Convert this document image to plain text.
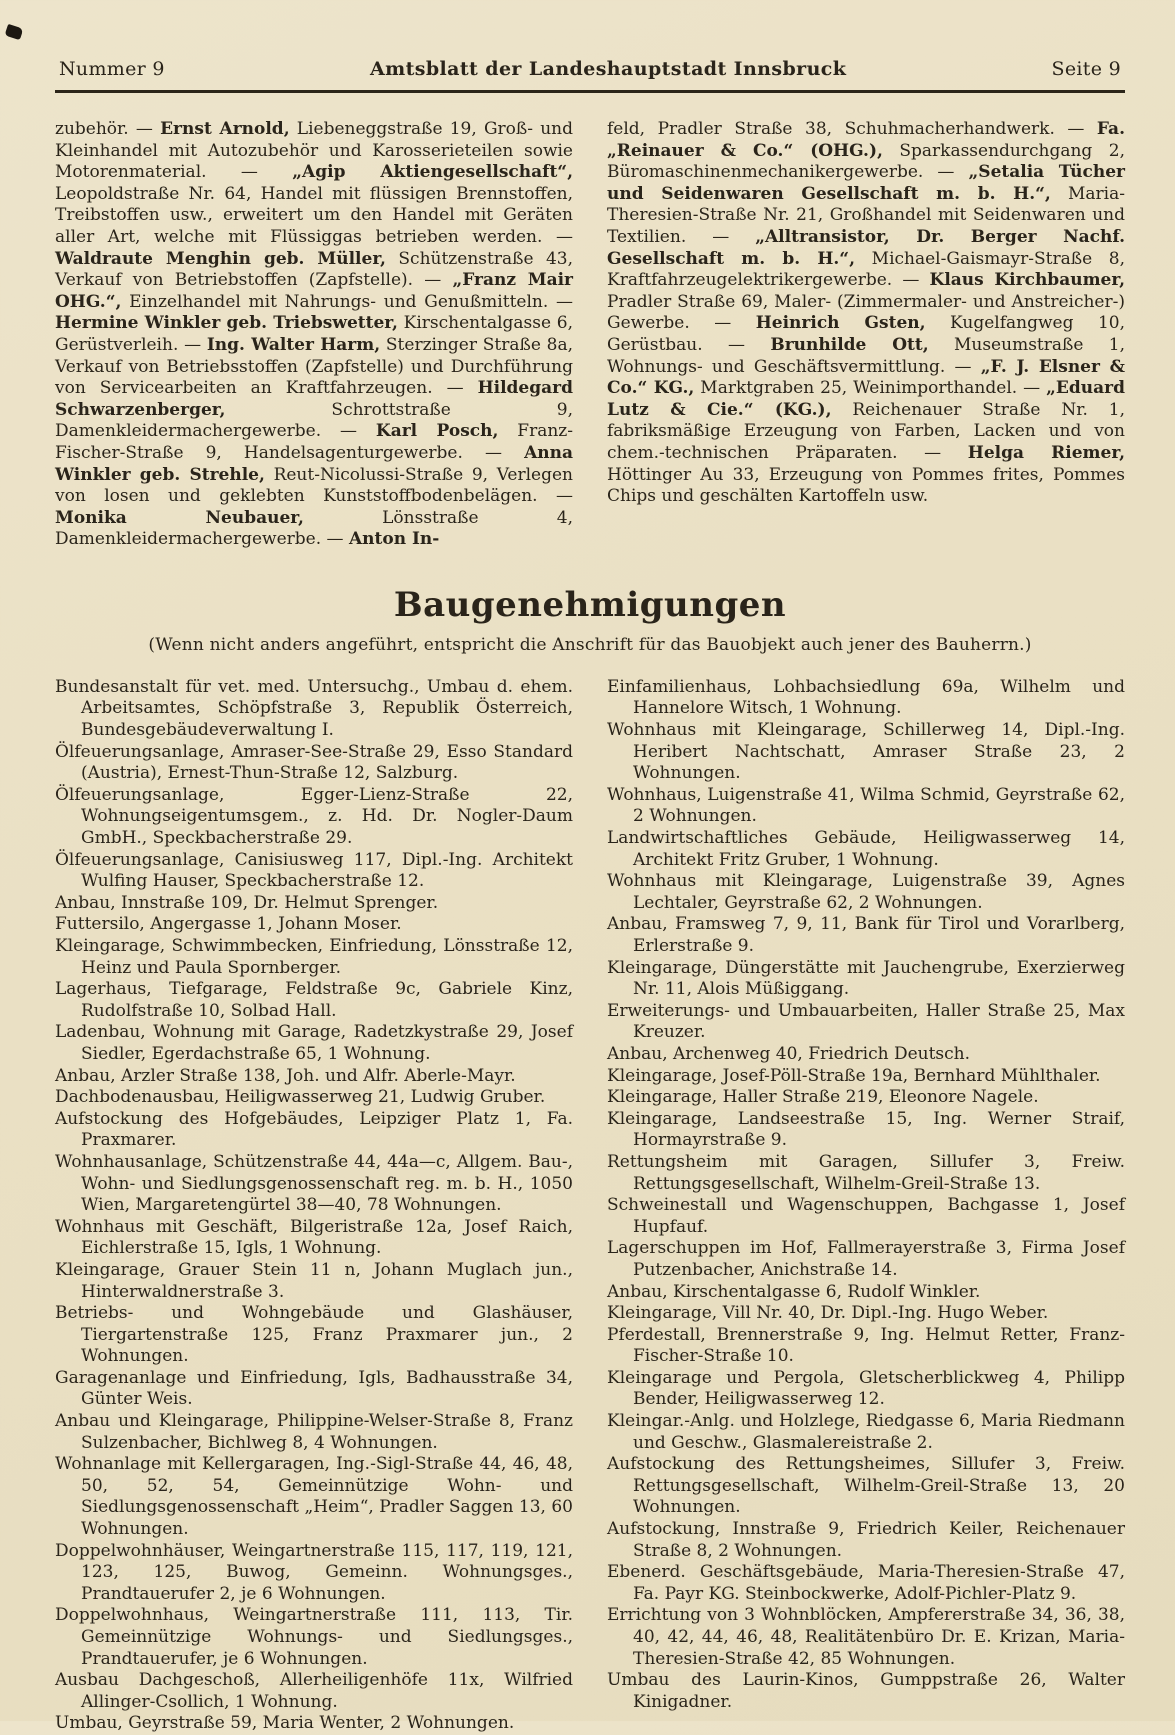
Nummer 9	Amtsblatt der Landeshauptstadt Innsbruck	Seite 9

zubehör. — Ernst Arnold, Liebeneggstraße 19, Groß- und Kleinhandel mit Autozubehör und Karosserieteilen sowie Motorenmaterial. — „Agip Aktiengesellschaft“, Leopoldstraße Nr. 64, Handel mit flüssigen Brennstoffen, Treibstoffen usw., erweitert um den Handel mit Geräten aller Art, welche mit Flüssiggas betrieben werden. — Waldraute Menghin geb. Müller, Schützenstraße 43, Verkauf von Betriebstoffen (Zapfstelle). — „Franz Mair OHG.“, Einzelhandel mit Nahrungs- und Genußmitteln. — Hermine Winkler geb. Triebswetter, Kirschentalgasse 6, Gerüstverleih. — Ing. Walter Harm, Sterzinger Straße 8a, Verkauf von Betriebsstoffen (Zapfstelle) und Durchführung von Servicearbeiten an Kraftfahrzeugen. — Hildegard Schwarzenberger, Schrottstraße 9, Damenkleidermachergewerbe. — Karl Posch, Franz-Fischer-Straße 9, Handelsagenturgewerbe. — Anna Winkler geb. Strehle, Reut-Nicolussi-Straße 9, Verlegen von losen und geklebten Kunststoffbodenbelägen. — Monika Neubauer, Lönsstraße 4, Damenkleidermachergewerbe. — Anton In-

feld, Pradler Straße 38, Schuhmacherhandwerk. — Fa. „Reinauer & Co.“ (OHG.), Sparkassendurchgang 2, Büromaschinenmechanikergewerbe. — „Setalia Tücher und Seidenwaren Gesellschaft m. b. H.“, Maria-Theresien-Straße Nr. 21, Großhandel mit Seidenwaren und Textilien. — „Alltransistor, Dr. Berger Nachf. Gesellschaft m. b. H.“, Michael-Gaismayr-Straße 8, Kraftfahrzeugelektrikergewerbe. — Klaus Kirchbaumer, Pradler Straße 69, Maler- (Zimmermaler- und Anstreicher-) Gewerbe. — Heinrich Gsten, Kugelfangweg 10, Gerüstbau. — Brunhilde Ott, Museumstraße 1, Wohnungs- und Geschäftsvermittlung. — „F. J. Elsner & Co.“ KG., Marktgraben 25, Weinimporthandel. — „Eduard Lutz & Cie.“ (KG.), Reichenauer Straße Nr. 1, fabriksmäßige Erzeugung von Farben, Lacken und von chem.-technischen Präparaten. — Helga Riemer, Höttinger Au 33, Erzeugung von Pommes frites, Pommes Chips und geschälten Kartoffeln usw.

Baugenehmigungen
(Wenn nicht anders angeführt, entspricht die Anschrift für das Bauobjekt auch jener des Bauherrn.)

Bundesanstalt für vet. med. Untersuchg., Umbau d. ehem. Arbeitsamtes, Schöpfstraße 3, Republik Österreich, Bundesgebäudeverwaltung I.

Ölfeuerungsanlage, Amraser-See-Straße 29, Esso Standard (Austria), Ernest-Thun-Straße 12, Salzburg.

Ölfeuerungsanlage, Egger-Lienz-Straße 22, Wohnungseigentumsgem., z. Hd. Dr. Nogler-Daum GmbH., Speckbacherstraße 29.

Ölfeuerungsanlage, Canisiusweg 117, Dipl.-Ing. Architekt Wulfing Hauser, Speckbacherstraße 12.

Anbau, Innstraße 109, Dr. Helmut Sprenger.

Futtersilo, Angergasse 1, Johann Moser.

Kleingarage, Schwimmbecken, Einfriedung, Lönsstraße 12, Heinz und Paula Spornberger.

Lagerhaus, Tiefgarage, Feldstraße 9c, Gabriele Kinz, Rudolfstraße 10, Solbad Hall.

Ladenbau, Wohnung mit Garage, Radetzkystraße 29, Josef Siedler, Egerdachstraße 65, 1 Wohnung.

Anbau, Arzler Straße 138, Joh. und Alfr. Aberle-Mayr.

Dachbodenausbau, Heiligwasserweg 21, Ludwig Gruber.

Aufstockung des Hofgebäudes, Leipziger Platz 1, Fa. Praxmarer.

Wohnhausanlage, Schützenstraße 44, 44a—c, Allgem. Bau-, Wohn- und Siedlungsgenossenschaft reg. m. b. H., 1050 Wien, Margaretengürtel 38—40, 78 Wohnungen.

Wohnhaus mit Geschäft, Bilgeristraße 12a, Josef Raich, Eichlerstraße 15, Igls, 1 Wohnung.

Kleingarage, Grauer Stein 11 n, Johann Muglach jun., Hinterwaldnerstraße 3.

Betriebs- und Wohngebäude und Glashäuser, Tiergartenstraße 125, Franz Praxmarer jun., 2 Wohnungen.

Garagenanlage und Einfriedung, Igls, Badhausstraße 34, Günter Weis.

Anbau und Kleingarage, Philippine-Welser-Straße 8, Franz Sulzenbacher, Bichlweg 8, 4 Wohnungen.

Wohnanlage mit Kellergaragen, Ing.-Sigl-Straße 44, 46, 48, 50, 52, 54, Gemeinnützige Wohn- und Siedlungsgenossenschaft „Heim“, Pradler Saggen 13, 60 Wohnungen.

Doppelwohnhäuser, Weingartnerstraße 115, 117, 119, 121, 123, 125, Buwog, Gemeinn. Wohnungsges., Prandtauerufer 2, je 6 Wohnungen.

Doppelwohnhaus, Weingartnerstraße 111, 113, Tir. Gemeinnützige Wohnungs- und Siedlungsges., Prandtauerufer, je 6 Wohnungen.

Ausbau Dachgeschoß, Allerheiligenhöfe 11x, Wilfried Allinger-Csollich, 1 Wohnung.

Umbau, Geyrstraße 59, Maria Wenter, 2 Wohnungen.

Einfamilienhaus, Lohbachsiedlung 69a, Wilhelm und Hannelore Witsch, 1 Wohnung.

Wohnhaus mit Kleingarage, Schillerweg 14, Dipl.-Ing. Heribert Nachtschatt, Amraser Straße 23, 2 Wohnungen.

Wohnhaus, Luigenstraße 41, Wilma Schmid, Geyrstraße 62, 2 Wohnungen.

Landwirtschaftliches Gebäude, Heiligwasserweg 14, Architekt Fritz Gruber, 1 Wohnung.

Wohnhaus mit Kleingarage, Luigenstraße 39, Agnes Lechtaler, Geyrstraße 62, 2 Wohnungen.

Anbau, Framsweg 7, 9, 11, Bank für Tirol und Vorarlberg, Erlerstraße 9.

Kleingarage, Düngerstätte mit Jauchengrube, Exerzierweg Nr. 11, Alois Müßiggang.

Erweiterungs- und Umbauarbeiten, Haller Straße 25, Max Kreuzer.

Anbau, Archenweg 40, Friedrich Deutsch.

Kleingarage, Josef-Pöll-Straße 19a, Bernhard Mühlthaler.

Kleingarage, Haller Straße 219, Eleonore Nagele.

Kleingarage, Landseestraße 15, Ing. Werner Straif, Hormayrstraße 9.

Rettungsheim mit Garagen, Sillufer 3, Freiw. Rettungsgesellschaft, Wilhelm-Greil-Straße 13.

Schweinestall und Wagenschuppen, Bachgasse 1, Josef Hupfauf.

Lagerschuppen im Hof, Fallmerayerstraße 3, Firma Josef Putzenbacher, Anichstraße 14.

Anbau, Kirschentalgasse 6, Rudolf Winkler.

Kleingarage, Vill Nr. 40, Dr. Dipl.-Ing. Hugo Weber.

Pferdestall, Brennerstraße 9, Ing. Helmut Retter, Franz-Fischer-Straße 10.

Kleingarage und Pergola, Gletscherblickweg 4, Philipp Bender, Heiligwasserweg 12.

Kleingar.-Anlg. und Holzlege, Riedgasse 6, Maria Riedmann und Geschw., Glasmalereistraße 2.

Aufstockung des Rettungsheimes, Sillufer 3, Freiw. Rettungsgesellschaft, Wilhelm-Greil-Straße 13, 20 Wohnungen.

Aufstockung, Innstraße 9, Friedrich Keiler, Reichenauer Straße 8, 2 Wohnungen.

Ebenerd. Geschäftsgebäude, Maria-Theresien-Straße 47, Fa. Payr KG. Steinbockwerke, Adolf-Pichler-Platz 9.

Errichtung von 3 Wohnblöcken, Ampfererstraße 34, 36, 38, 40, 42, 44, 46, 48, Realitätenbüro Dr. E. Krizan, Maria-Theresien-Straße 42, 85 Wohnungen.

Umbau des Laurin-Kinos, Gumppstraße 26, Walter Kinigadner.
